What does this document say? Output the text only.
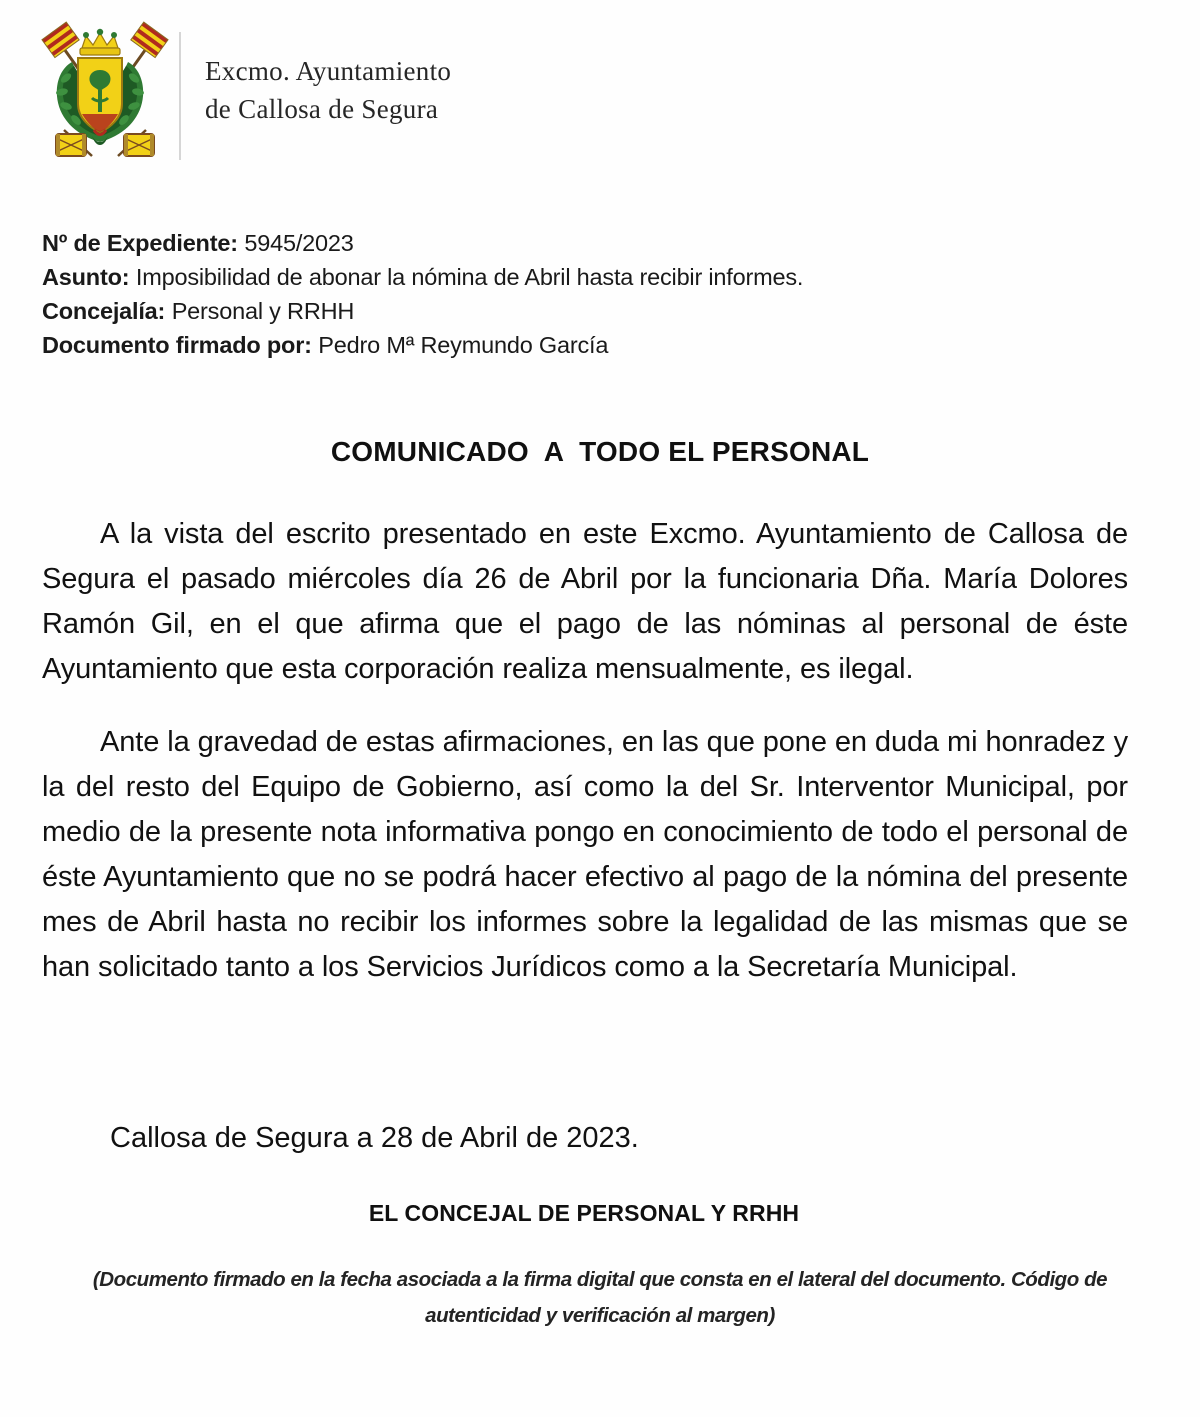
Excmo. Ayuntamiento
de Callosa de Segura
Nº de Expediente: 5945/2023
Asunto: Imposibilidad de abonar la nómina de Abril hasta recibir informes.
Concejalía: Personal y RRHH
Documento firmado por: Pedro Mª Reymundo García
COMUNICADO  A  TODO EL PERSONAL

A la vista del escrito presentado en este Excmo. Ayuntamiento de Callosa de Segura el pasado miércoles día 26 de Abril por la funcionaria Dña. María Dolores Ramón Gil, en el que afirma que el pago de las nóminas al personal de éste Ayuntamiento que esta corporación realiza mensualmente, es ilegal.

Ante la gravedad de estas afirmaciones, en las que pone en duda mi honradez y la del resto del Equipo de Gobierno, así como la del Sr. Interventor Municipal, por medio de la presente nota informativa pongo en conocimiento de todo el personal de éste Ayuntamiento que no se podrá hacer efectivo al pago de la nómina del presente mes de Abril hasta no recibir los informes sobre la legalidad de las mismas que se han solicitado tanto a los Servicios Jurídicos como a la Secretaría Municipal.

Callosa de Segura a 28 de Abril de 2023.
EL CONCEJAL DE PERSONAL Y RRHH
(Documento firmado en la fecha asociada a la firma digital que consta en el lateral del documento. Código de
autenticidad y verificación al margen)
